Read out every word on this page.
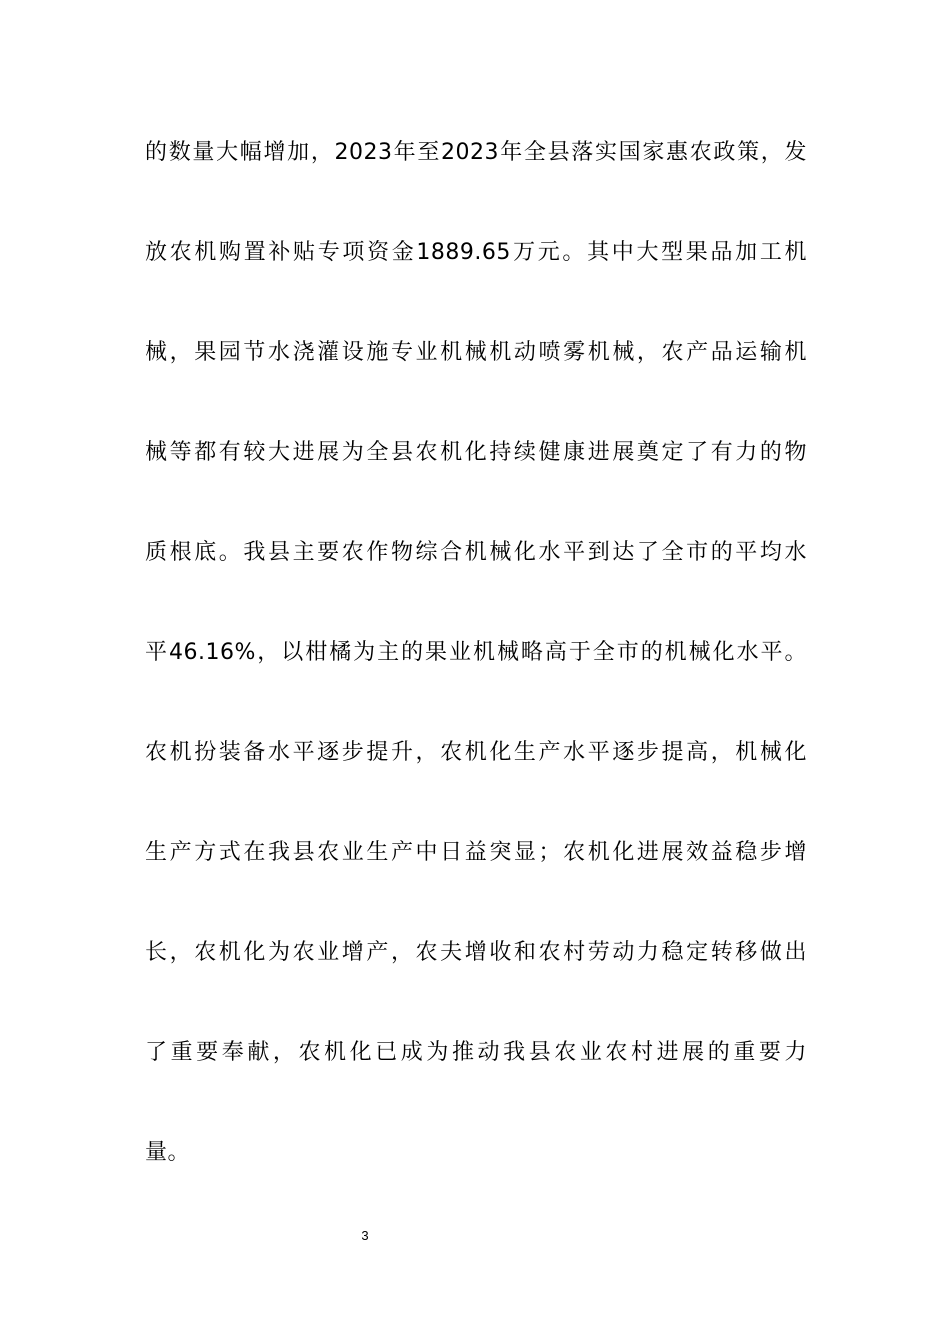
的数量大幅增加，2023年至2023年全县落实国家惠农政策，发
放农机购置补贴专项资金1889.65万元。其中大型果品加工机
械，果园节水浇灌设施专业机械机动喷雾机械，农产品运输机
械等都有较大进展为全县农机化持续健康进展奠定了有力的物
质根底。我县主要农作物综合机械化水平到达了全市的平均水
平46.16%，以柑橘为主的果业机械略高于全市的机械化水平。
农机扮装备水平逐步提升，农机化生产水平逐步提高，机械化
生产方式在我县农业生产中日益突显；农机化进展效益稳步增
长，农机化为农业增产，农夫增收和农村劳动力稳定转移做出
了重要奉献，农机化已成为推动我县农业农村进展的重要力
量。
3
